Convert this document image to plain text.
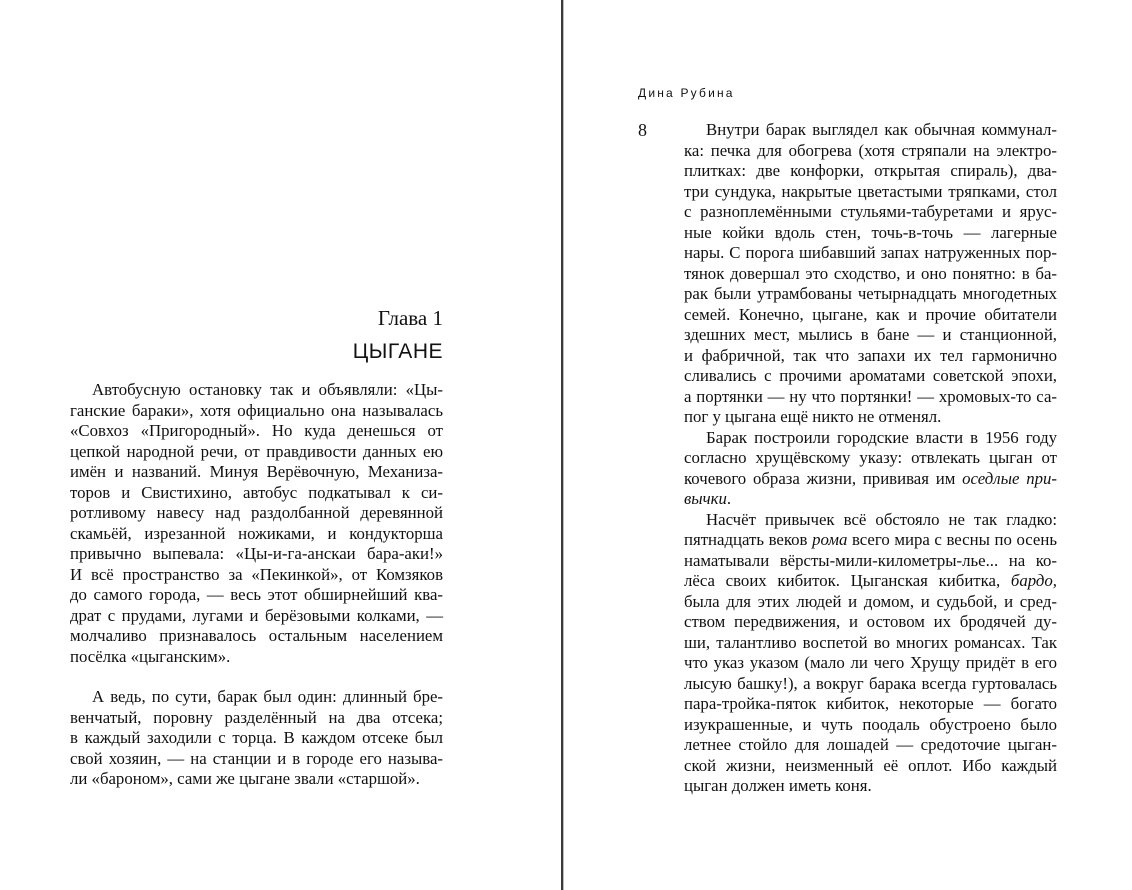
Глава 1

ЦЫГАНЕ
Автобусную остановку так и объявляли: «Цы-
ганские бараки», хотя официально она называлась
«Совхоз «Пригородный». Но куда денешься от
цепкой народной речи, от правдивости данных ею
имён и названий. Минуя Верёвочную, Механиза-
торов и Свистихино, автобус подкатывал к си-
ротливому навесу над раздолбанной деревянной
скамьёй, изрезанной ножиками, и кондукторша
привычно выпевала: «Цы-и-га-анскаи бара-аки!»
И всё пространство за «Пекинкой», от Комзяков
до самого города, — весь этот обширнейший ква-
драт с прудами, лугами и берёзовыми колками, —
молчаливо признавалось остальным населением
посёлка «цыганским».
А ведь, по сути, барак был один: длинный бре-
венчатый, поровну разделённый на два отсека;
в каждый заходили с торца. В каждом отсеке был
свой хозяин, — на станции и в городе его называ-
ли «бароном», сами же цыгане звали «старшой».
Дина Рубина
8	Внутри барак выглядел как обычная коммунал-
ка: печка для обогрева (хотя стряпали на электро-
плитках: две конфорки, открытая спираль), два-
три сундука, накрытые цветастыми тряпками, стол
с разноплемёнными стульями-табуретами и ярус-
ные койки вдоль стен, точь-в-точь — лагерные
нары. С порога шибавший запах натруженных пор-
тянок довершал это сходство, и оно понятно: в ба-
рак были утрамбованы четырнадцать многодетных
семей. Конечно, цыгане, как и прочие обитатели
здешних мест, мылись в бане — и станционной,
и фабричной, так что запахи их тел гармонично
сливались с прочими ароматами советской эпохи,
а портянки — ну что портянки! — хромовых-то са-
пог у цыгана ещё никто не отменял.
Барак построили городские власти в 1956 году
согласно хрущёвскому указу: отвлекать цыган от
кочевого образа жизни, прививая им оседлые при-
вычки.
Насчёт привычек всё обстояло не так гладко:
пятнадцать веков рома всего мира с весны по осень
наматывали вёрсты-мили-километры-лье... на ко-
лёса своих кибиток. Цыганская кибитка, бардо,
была для этих людей и домом, и судьбой, и сред-
ством передвижения, и остовом их бродячей ду-
ши, талантливо воспетой во многих романсах. Так
что указ указом (мало ли чего Хрущу придёт в его
лысую башку!), а вокруг барака всегда гуртовалась
пара-тройка-пяток кибиток, некоторые — богато
изукрашенные, и чуть поодаль обустроено было
летнее стойло для лошадей — средоточие цыган-
ской жизни, неизменный её оплот. Ибо каждый
цыган должен иметь коня.
